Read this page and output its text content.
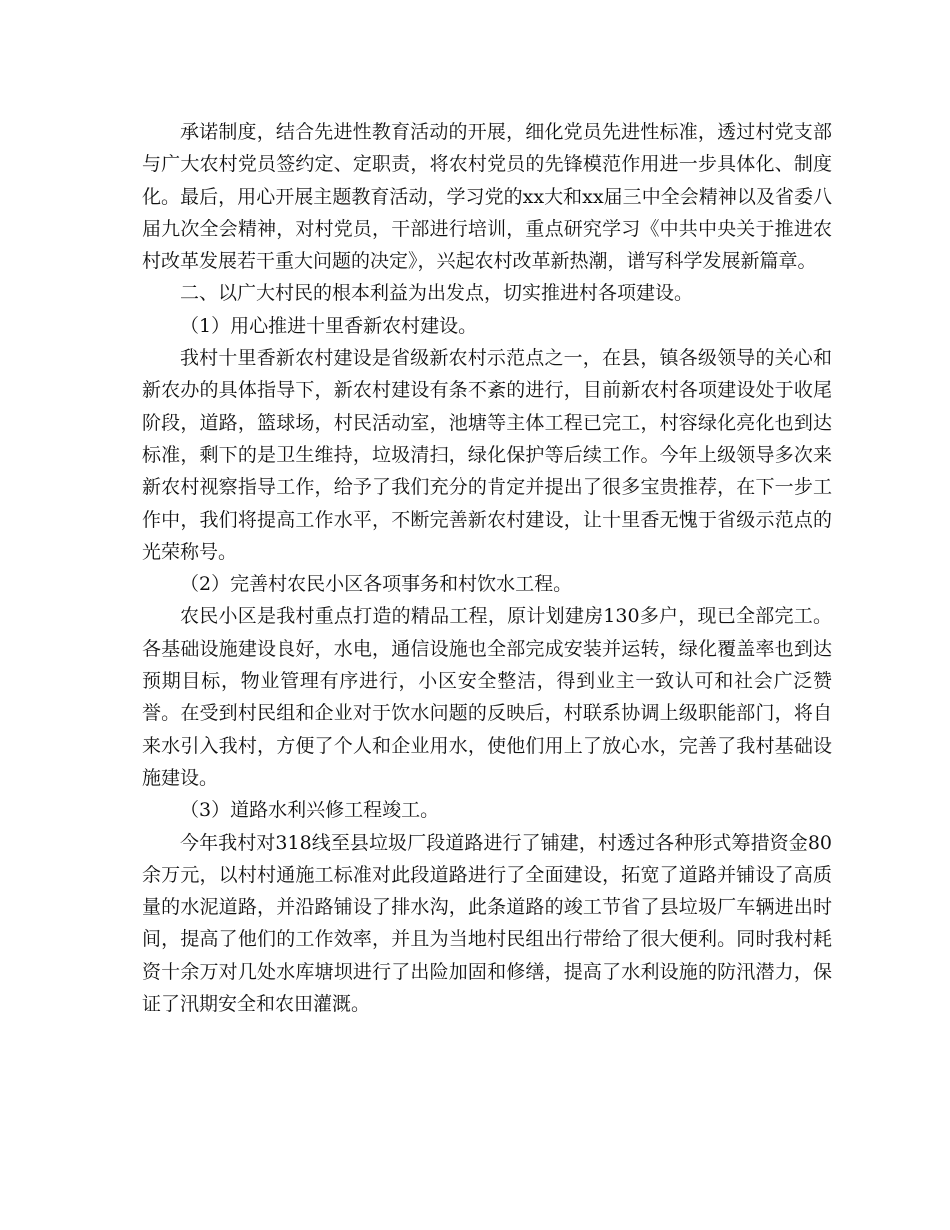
承诺制度，结合先进性教育活动的开展，细化党员先进性标准，透过村党支部与广大农村党员签约定、定职责，将农村党员的先锋模范作用进一步具体化、制度化。最后，用心开展主题教育活动，学习党的xx大和xx届三中全会精神以及省委八届九次全会精神，对村党员，干部进行培训，重点研究学习《中共中央关于推进农村改革发展若干重大问题的决定》，兴起农村改革新热潮，谱写科学发展新篇章。

二、以广大村民的根本利益为出发点，切实推进村各项建设。

（1）用心推进十里香新农村建设。

我村十里香新农村建设是省级新农村示范点之一，在县，镇各级领导的关心和新农办的具体指导下，新农村建设有条不紊的进行，目前新农村各项建设处于收尾阶段，道路，篮球场，村民活动室，池塘等主体工程已完工，村容绿化亮化也到达标准，剩下的是卫生维持，垃圾清扫，绿化保护等后续工作。今年上级领导多次来新农村视察指导工作，给予了我们充分的肯定并提出了很多宝贵推荐，在下一步工作中，我们将提高工作水平，不断完善新农村建设，让十里香无愧于省级示范点的光荣称号。

（2）完善村农民小区各项事务和村饮水工程。

农民小区是我村重点打造的精品工程，原计划建房130多户，现已全部完工。各基础设施建设良好，水电，通信设施也全部完成安装并运转，绿化覆盖率也到达预期目标，物业管理有序进行，小区安全整洁，得到业主一致认可和社会广泛赞誉。在受到村民组和企业对于饮水问题的反映后，村联系协调上级职能部门，将自来水引入我村，方便了个人和企业用水，使他们用上了放心水，完善了我村基础设施建设。

（3）道路水利兴修工程竣工。

今年我村对318线至县垃圾厂段道路进行了铺建，村透过各种形式筹措资金80余万元，以村村通施工标准对此段道路进行了全面建设，拓宽了道路并铺设了高质量的水泥道路，并沿路铺设了排水沟，此条道路的竣工节省了县垃圾厂车辆进出时间，提高了他们的工作效率，并且为当地村民组出行带给了很大便利。同时我村耗资十余万对几处水库塘坝进行了出险加固和修缮，提高了水利设施的防汛潜力，保证了汛期安全和农田灌溉。
